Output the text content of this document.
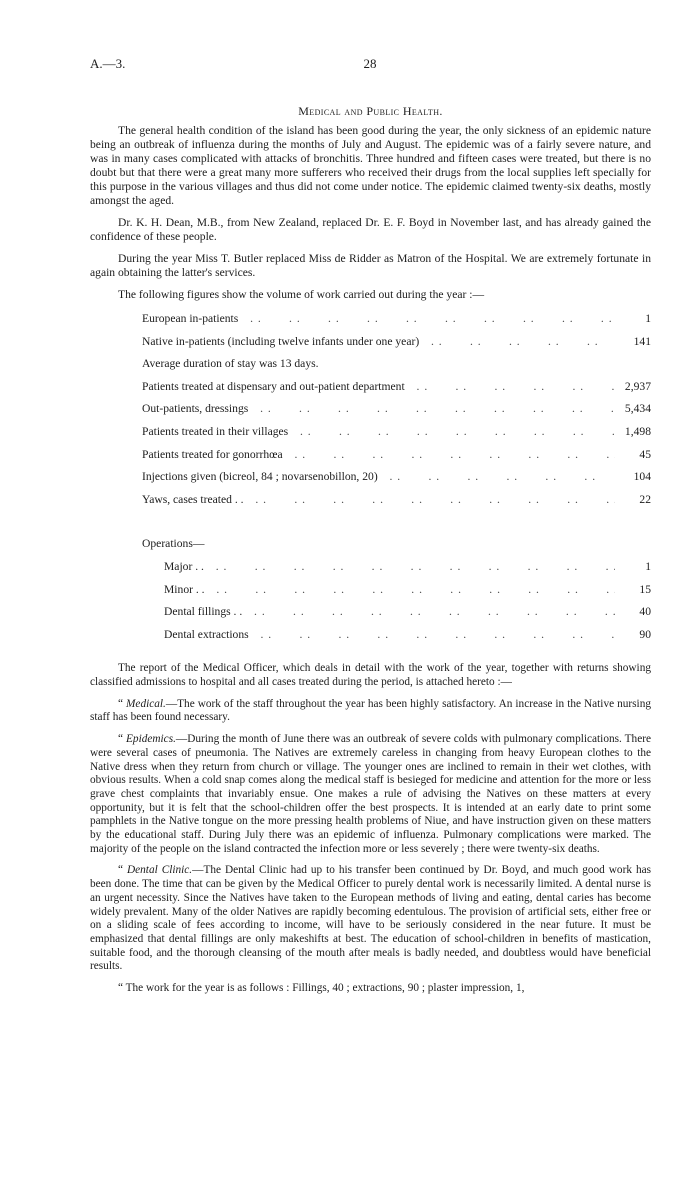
A.—3.	28
Medical and Public Health.

The general health condition of the island has been good during the year, the only sickness of an epidemic nature being an outbreak of influenza during the months of July and August. The epidemic was of a fairly severe nature, and was in many cases complicated with attacks of bronchitis. Three hundred and fifteen cases were treated, but there is no doubt but that there were a great many more sufferers who received their drugs from the local supplies left specially for this purpose in the various villages and thus did not come under notice. The epidemic claimed twenty-six deaths, mostly amongst the aged.

Dr. K. H. Dean, M.B., from New Zealand, replaced Dr. E. F. Boyd in November last, and has already gained the confidence of these people.

During the year Miss T. Butler replaced Miss de Ridder as Matron of the Hospital. We are extremely fortunate in again obtaining the latter's services.

The following figures show the volume of work carried out during the year :—

European in-patients . .	1
Native in-patients (including twelve infants under one year) . .	141
Average duration of stay was 13 days.
Patients treated at dispensary and out-patient department . .	2,937
Out-patients, dressings . .	5,434
Patients treated in their villages . .	1,498
Patients treated for gonorrhœa . .	45
Injections given (bicreol, 84 ; novarsenobillon, 20) . .	104
Yaws, cases treated . . . .	22
Operations—
Major . . . .	1
Minor . . . .	15
Dental fillings . . . .	40
Dental extractions . .	90

The report of the Medical Officer, which deals in detail with the work of the year, together with returns showing classified admissions to hospital and all cases treated during the period, is attached hereto :—

“ Medical.—The work of the staff throughout the year has been highly satisfactory. An increase in the Native nursing staff has been found necessary.

“ Epidemics.—During the month of June there was an outbreak of severe colds with pulmonary complications. There were several cases of pneumonia. The Natives are extremely careless in changing from heavy European clothes to the Native dress when they return from church or village. The younger ones are inclined to remain in their wet clothes, with obvious results. When a cold snap comes along the medical staff is besieged for medicine and attention for the more or less grave chest complaints that invariably ensue. One makes a rule of advising the Natives on these matters at every opportunity, but it is felt that the school-children offer the best prospects. It is intended at an early date to print some pamphlets in the Native tongue on the more pressing health problems of Niue, and have instruction given on these matters by the educational staff. During July there was an epidemic of influenza. Pulmonary complications were marked. The majority of the people on the island contracted the infection more or less severely ; there were twenty-six deaths.

“ Dental Clinic.—The Dental Clinic had up to his transfer been continued by Dr. Boyd, and much good work has been done. The time that can be given by the Medical Officer to purely dental work is necessarily limited. A dental nurse is an urgent necessity. Since the Natives have taken to the European methods of living and eating, dental caries has become widely prevalent. Many of the older Natives are rapidly becoming edentulous. The provision of artificial sets, either free or on a sliding scale of fees according to income, will have to be seriously considered in the near future. It must be emphasized that dental fillings are only makeshifts at best. The education of school-children in benefits of mastication, suitable food, and the thorough cleansing of the mouth after meals is badly needed, and doubtless would have beneficial results.

“ The work for the year is as follows : Fillings, 40 ; extractions, 90 ; plaster impression, 1,
